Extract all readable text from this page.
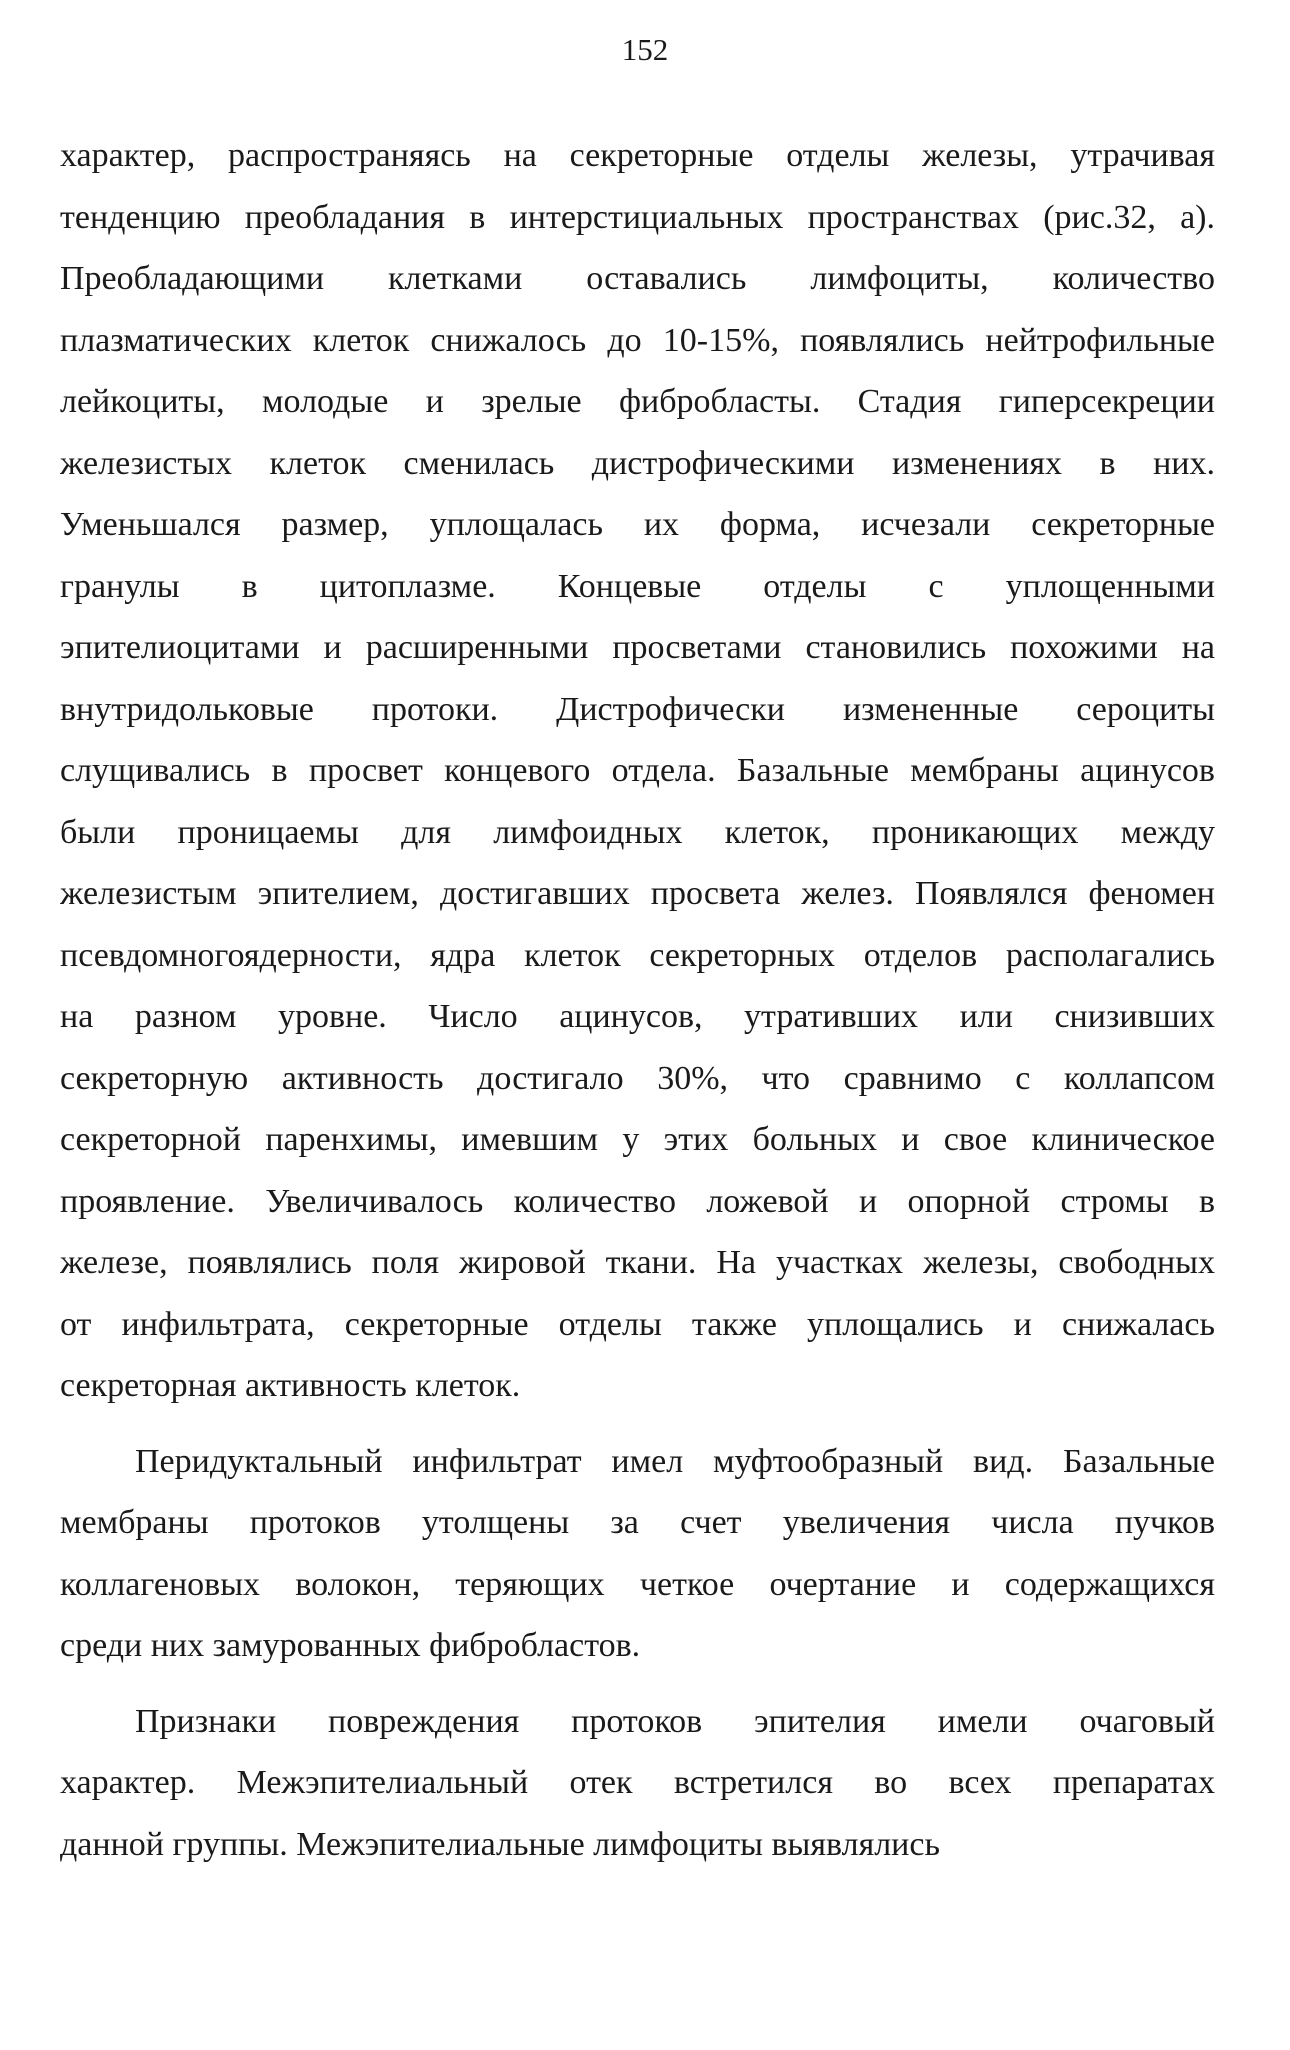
152
характер, распространяясь на секреторные отделы железы, утрачивая
тенденцию преобладания в интерстициальных пространствах (рис.32, а).
Преобладающими клетками оставались лимфоциты, количество
плазматических клеток снижалось до 10-15%, появлялись нейтрофильные
лейкоциты, молодые и зрелые фибробласты. Стадия гиперсекреции
железистых клеток сменилась дистрофическими изменениях в них.
Уменьшался размер, уплощалась их форма, исчезали секреторные
гранулы в цитоплазме. Концевые отделы с уплощенными
эпителиоцитами и расширенными просветами становились похожими на
внутридольковые протоки. Дистрофически измененные сероциты
слущивались в просвет концевого отдела. Базальные мембраны ацинусов
были проницаемы для лимфоидных клеток, проникающих между
железистым эпителием, достигавших просвета желез. Появлялся феномен
псевдомногоядерности, ядра клеток секреторных отделов располагались
на разном уровне. Число ацинусов, утративших или снизивших
секреторную активность достигало 30%, что сравнимо с коллапсом
секреторной паренхимы, имевшим у этих больных и свое клиническое
проявление. Увеличивалось количество ложевой и опорной стромы в
железе, появлялись поля жировой ткани. На участках железы, свободных
от инфильтрата, секреторные отделы также уплощались и снижалась
секреторная активность клеток.
Перидуктальный инфильтрат имел муфтообразный вид. Базальные
мембраны протоков утолщены за счет увеличения числа пучков
коллагеновых волокон, теряющих четкое очертание и содержащихся
среди них замурованных фибробластов.
Признаки повреждения протоков эпителия имели очаговый
характер. Межэпителиальный отек встретился во всех препаратах
данной группы. Межэпителиальные лимфоциты выявлялись
